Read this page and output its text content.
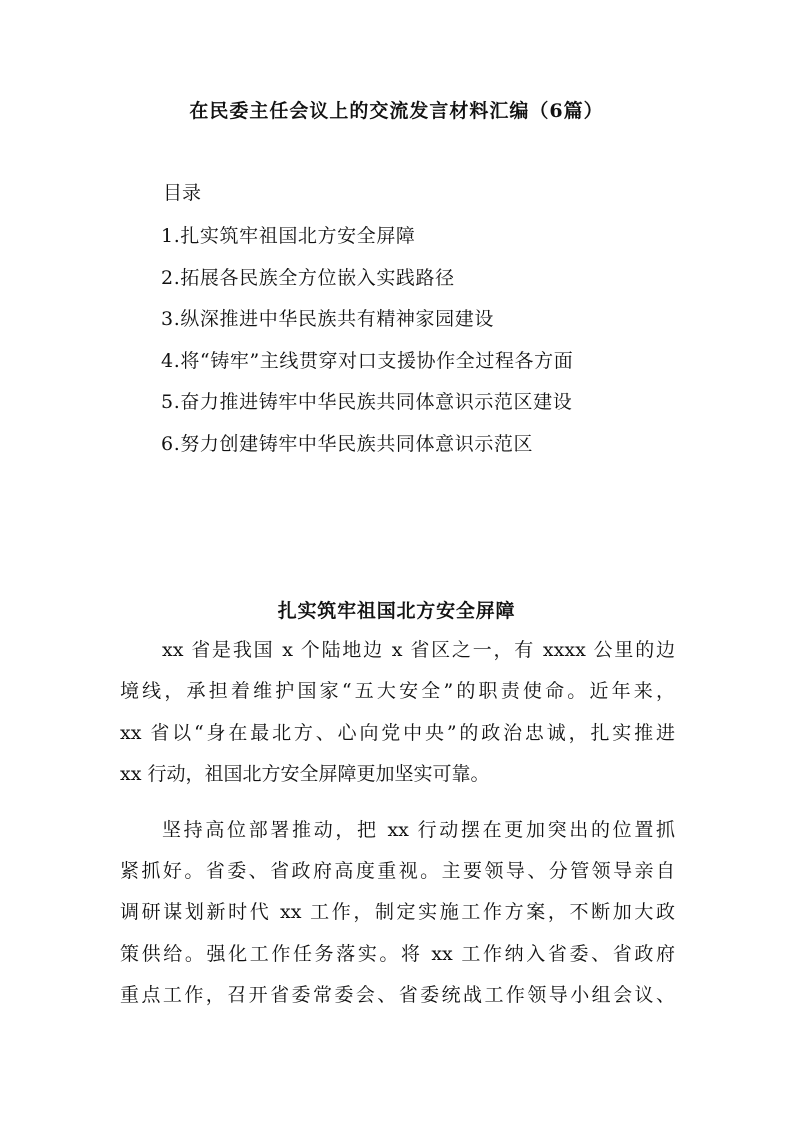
在民委主任会议上的交流发言材料汇编（6篇）
目录
1.扎实筑牢祖国北方安全屏障
2.拓展各民族全方位嵌入实践路径
3.纵深推进中华民族共有精神家园建设
4.将“铸牢”主线贯穿对口支援协作全过程各方面
5.奋力推进铸牢中华民族共同体意识示范区建设
6.努力创建铸牢中华民族共同体意识示范区
扎实筑牢祖国北方安全屏障
xx 省是我国 x 个陆地边 x 省区之一，有 xxxx 公里的边
境线，承担着维护国家“五大安全”的职责使命。近年来，
xx 省以“身在最北方、心向党中央”的政治忠诚，扎实推进
xx 行动，祖国北方安全屏障更加坚实可靠。
坚持高位部署推动，把 xx 行动摆在更加突出的位置抓
紧抓好。省委、省政府高度重视。主要领导、分管领导亲自
调研谋划新时代 xx 工作，制定实施工作方案，不断加大政
策供给。强化工作任务落实。将 xx 工作纳入省委、省政府
重点工作，召开省委常委会、省委统战工作领导小组会议、
